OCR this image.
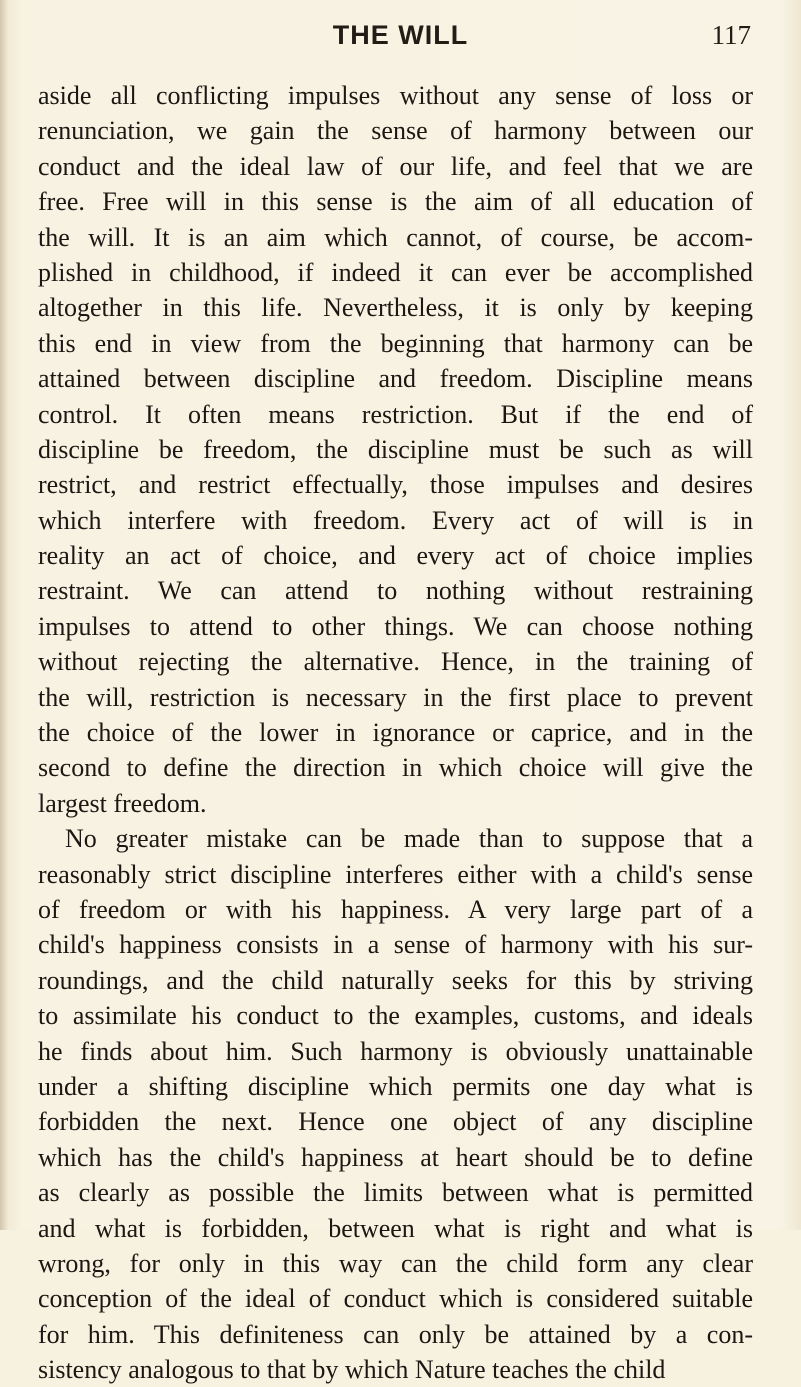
THE WILL	117
aside all conflicting impulses without any sense of loss or
renunciation, we gain the sense of harmony between our
conduct and the ideal law of our life, and feel that we are
free. Free will in this sense is the aim of all education of
the will. It is an aim which cannot, of course, be accom-
plished in childhood, if indeed it can ever be accomplished
altogether in this life. Nevertheless, it is only by keeping
this end in view from the beginning that harmony can be
attained between discipline and freedom. Discipline means
control. It often means restriction. But if the end of
discipline be freedom, the discipline must be such as will
restrict, and restrict effectually, those impulses and desires
which interfere with freedom. Every act of will is in
reality an act of choice, and every act of choice implies
restraint. We can attend to nothing without restraining
impulses to attend to other things. We can choose nothing
without rejecting the alternative. Hence, in the training of
the will, restriction is necessary in the first place to prevent
the choice of the lower in ignorance or caprice, and in the
second to define the direction in which choice will give the
largest freedom.
No greater mistake can be made than to suppose that a
reasonably strict discipline interferes either with a child's sense
of freedom or with his happiness. A very large part of a
child's happiness consists in a sense of harmony with his sur-
roundings, and the child naturally seeks for this by striving
to assimilate his conduct to the examples, customs, and ideals
he finds about him. Such harmony is obviously unattainable
under a shifting discipline which permits one day what is
forbidden the next. Hence one object of any discipline
which has the child's happiness at heart should be to define
as clearly as possible the limits between what is permitted
and what is forbidden, between what is right and what is
wrong, for only in this way can the child form any clear
conception of the ideal of conduct which is considered suitable
for him. This definiteness can only be attained by a con-
sistency analogous to that by which Nature teaches the child
